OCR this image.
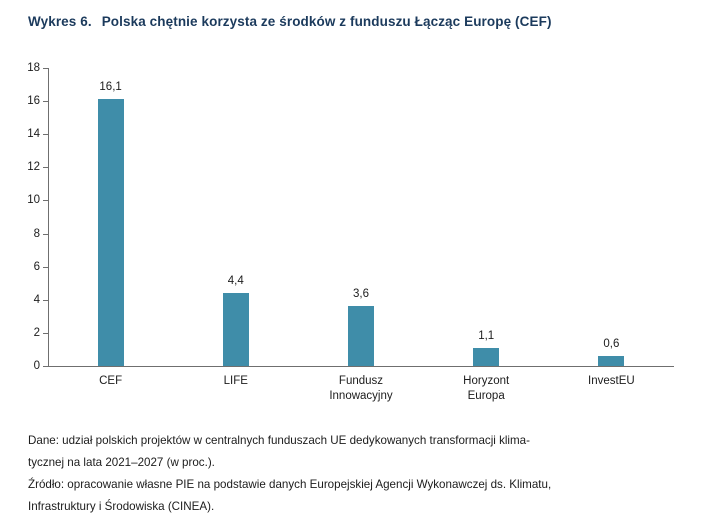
Wykres 6. Polska chętnie korzysta ze środków z funduszu Łącząc Europę (CEF)
0
2
4
6
8
10
12
14
16
18
16,1
4,4
3,6
1,1
0,6
CEF	LIFE	Fundusz
Innowacyjny
Horyzont
Europa
InvestEU

Dane: udział polskich projektów w centralnych funduszach UE dedykowanych transformacji klima-

tycznej na lata 2021–2027 (w proc.).

Źródło: opracowanie własne PIE na podstawie danych Europejskiej Agencji Wykonawczej ds. Klimatu,

Infrastruktury i Środowiska (CINEA).
